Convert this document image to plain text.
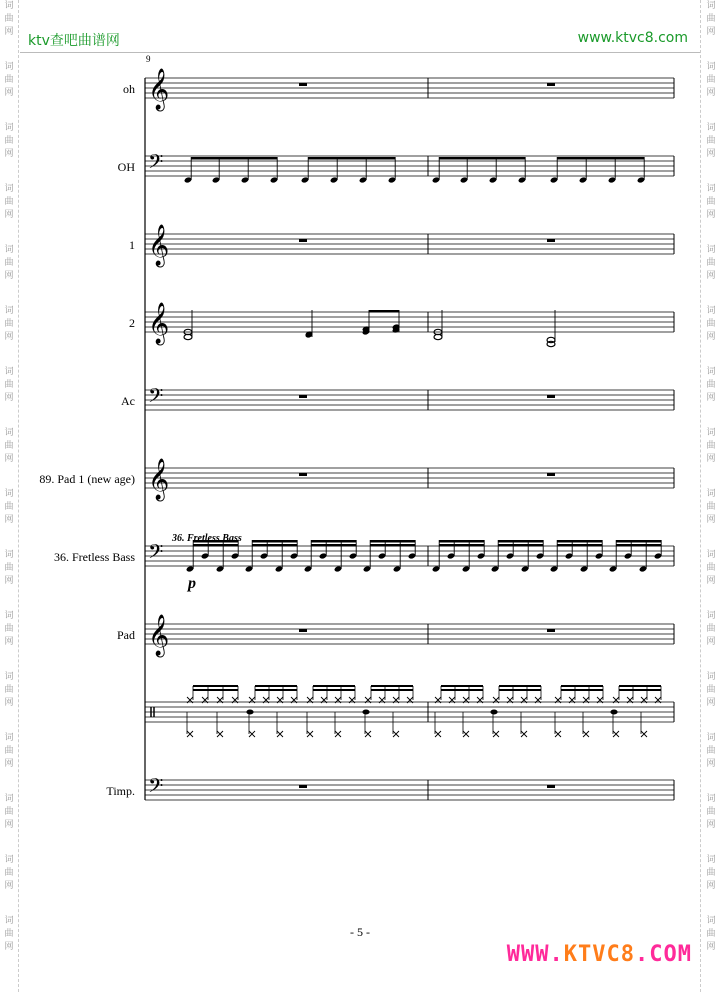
词
曲
网
词
曲
网
词
曲
网
词
曲
网
词
曲
网
词
曲
网
词
曲
网
词
曲
网
词
曲
网
词
曲
网
词
曲
网
词
曲
网
词
曲
网
词
曲
网
词
曲
网
词
曲
网
词
曲
网
词
曲
网
词
曲
网
词
曲
网
词
曲
网
词
曲
网
词
曲
网
词
曲
网
词
曲
网
词
曲
网
词
曲
网
词
曲
网
词
曲
网
词
曲
网
词
曲
网
词
曲
网
ktv查吧曲谱网	www.ktvc8.com
9
𝄞
𝄢
𝄞
𝄞
𝄢
𝄞
𝄢
36. Fretless Bass
p
𝄞
𝄢
oh
OH
1
2
Ac
89. Pad 1 (new age)
36. Fretless Bass
Pad
Timp.
- 5 -
WWW.KTVC8.COM
